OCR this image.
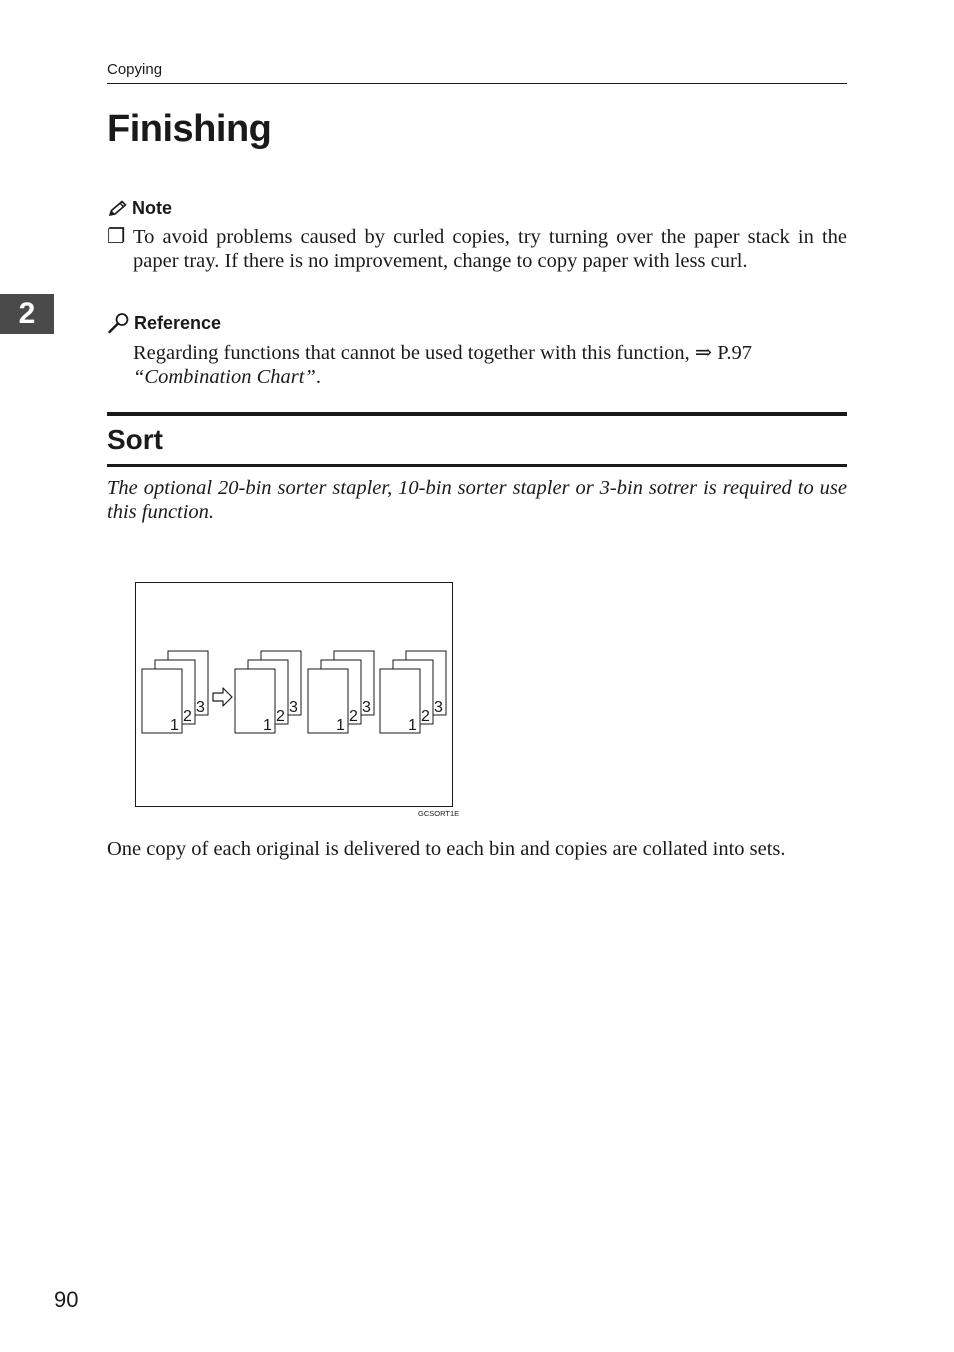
Copying
2
Finishing
Note
❐ To avoid problems caused by curled copies, try turning over the paper stack in the paper tray. If there is no improvement, change to copy paper with less curl.
Reference
Regarding functions that cannot be used together with this function, ⇒ P.97
“Combination Chart”.
Sort
The optional 20-bin sorter stapler, 10-bin sorter stapler or 3-bin sotrer is required to use this function.
3
2
1
3
2
1
3
2
1
3
2
1
GCSORT1E
One copy of each original is delivered to each bin and copies are collated into sets.
90
